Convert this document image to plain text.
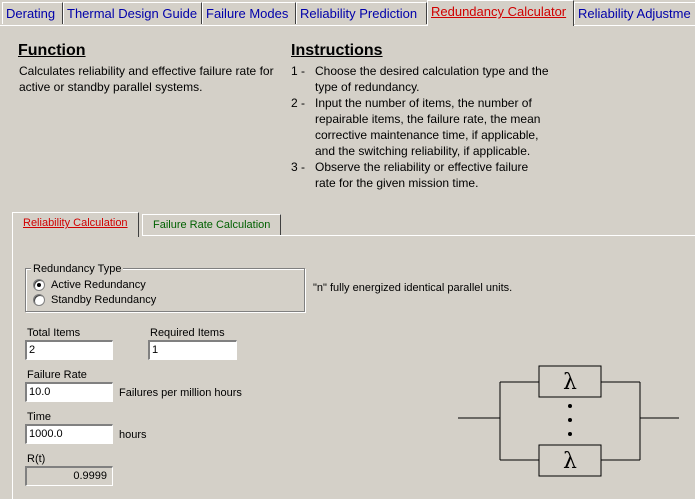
Derating Thermal Design Guide Failure Modes Reliability Prediction	Redundancy Calculator Reliability Adjustme
Function
Calculates reliability and effective failure rate for active or standby parallel systems.
Instructions
1 - Choose the desired calculation type and the type of redundancy.
2 - Input the number of items, the number of repairable items, the failure rate, the mean corrective maintenance time, if applicable, and the switching reliability, if applicable.
3 - Observe the reliability or effective failure rate for the given mission time.
Reliability Calculation	Failure Rate Calculation
Redundancy Type
Active Redundancy
Standby Redundancy
"n" fully energized identical parallel units.
Total Items
2
Required Items
1
Failure Rate
10.0	Failures per million hours
Time
1000.0	hours
R(t)
0.9999
λ
λ
